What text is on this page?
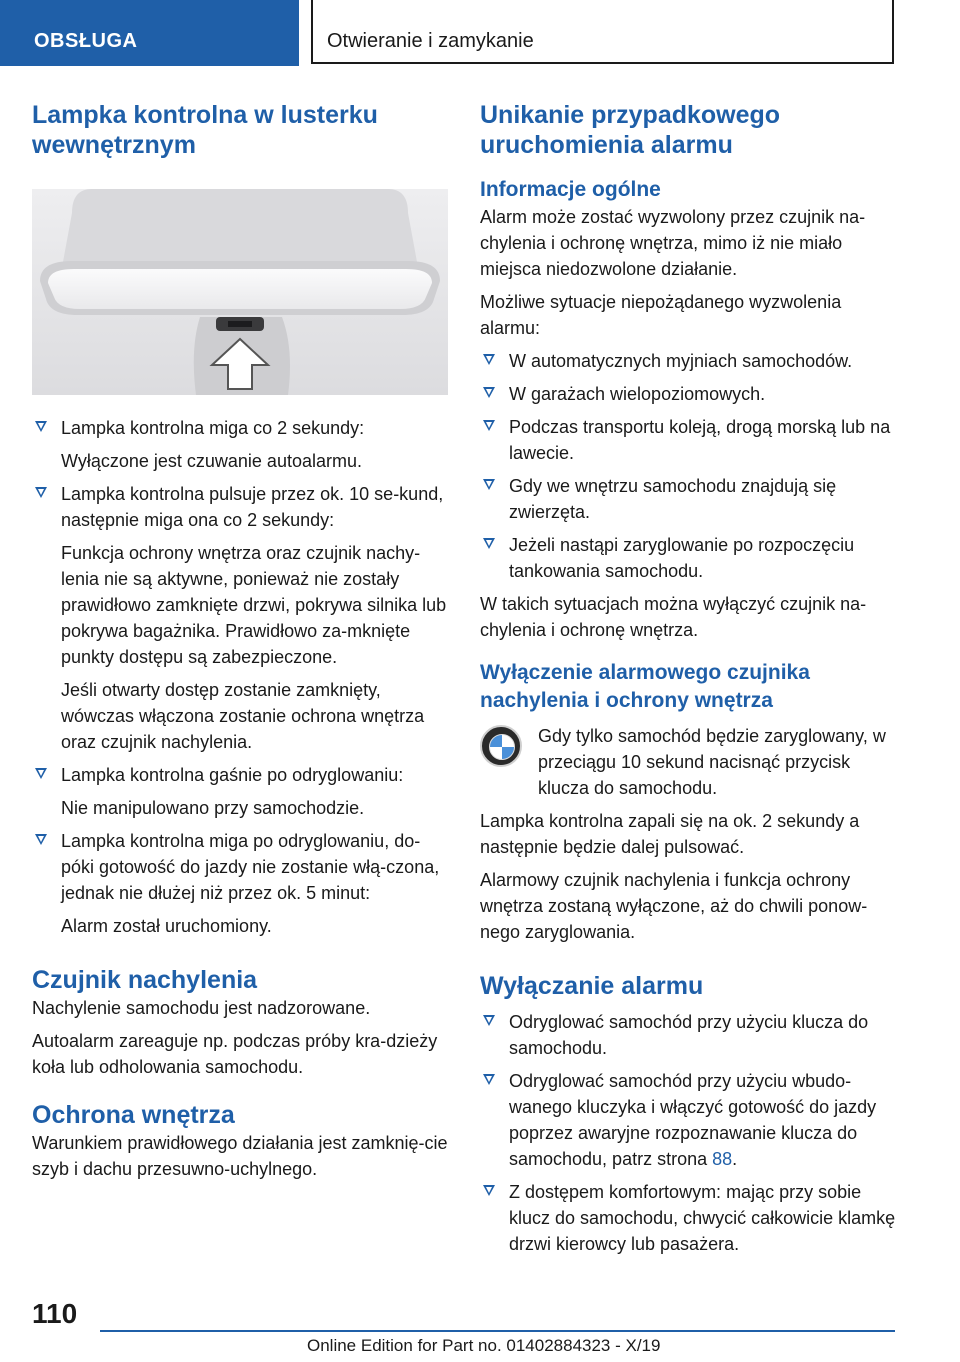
OBSŁUGA	Otwieranie i zamykanie
Lampka kontrolna w lusterku wewnętrznym
Lampka kontrolna miga co 2 sekundy:
Wyłączone jest czuwanie autoalarmu.
Lampka kontrolna pulsuje przez ok. 10 se‐kund, następnie miga ona co 2 sekundy:
Funkcja ochrony wnętrza oraz czujnik nachy‐lenia nie są aktywne, ponieważ nie zostały prawidłowo zamknięte drzwi, pokrywa silnika lub pokrywa bagażnika. Prawidłowo za‐mknięte punkty dostępu są zabezpieczone.
Jeśli otwarty dostęp zostanie zamknięty, wówczas włączona zostanie ochrona wnętrza oraz czujnik nachylenia.
Lampka kontrolna gaśnie po odryglowaniu:
Nie manipulowano przy samochodzie.
Lampka kontrolna miga po odryglowaniu, do‐póki gotowość do jazdy nie zostanie włą‐czona, jednak nie dłużej niż przez ok. 5 minut:
Alarm został uruchomiony.
Czujnik nachylenia

Nachylenie samochodu jest nadzorowane.

Autoalarm zareaguje np. podczas próby kra‐dzieży koła lub odholowania samochodu.

Ochrona wnętrza

Warunkiem prawidłowego działania jest zamknię‐cie szyb i dachu przesuwno-uchylnego.

Unikanie przypadkowego uruchomienia alarmu
Informacje ogólne

Alarm może zostać wyzwolony przez czujnik na‐chylenia i ochronę wnętrza, mimo iż nie miało miejsca niedozwolone działanie.

Możliwe sytuacje niepożądanego wyzwolenia alarmu:

W automatycznych myjniach samochodów.
W garażach wielopoziomowych.
Podczas transportu koleją, drogą morską lub na lawecie.
Gdy we wnętrzu samochodu znajdują się zwierzęta.
Jeżeli nastąpi zaryglowanie po rozpoczęciu tankowania samochodu.

W takich sytuacjach można wyłączyć czujnik na‐chylenia i ochronę wnętrza.

Wyłączenie alarmowego czujnika nachylenia i ochrony wnętrza

Gdy tylko samochód będzie zaryglowany, w przeciągu 10 sekund nacisnąć przycisk klucza do samochodu.

Lampka kontrolna zapali się na ok. 2 sekundy a następnie będzie dalej pulsować.

Alarmowy czujnik nachylenia i funkcja ochrony wnętrza zostaną wyłączone, aż do chwili ponow‐nego zaryglowania.

Wyłączanie alarmu
Odryglować samochód przy użyciu klucza do samochodu.
Odryglować samochód przy użyciu wbudo‐wanego kluczyka i włączyć gotowość do jazdy poprzez awaryjne rozpoznawanie klucza do samochodu, patrz strona 88.
Z dostępem komfortowym: mając przy sobie klucz do samochodu, chwycić całkowicie klamkę drzwi kierowcy lub pasażera.
110
Online Edition for Part no. 01402884323 - X/19
